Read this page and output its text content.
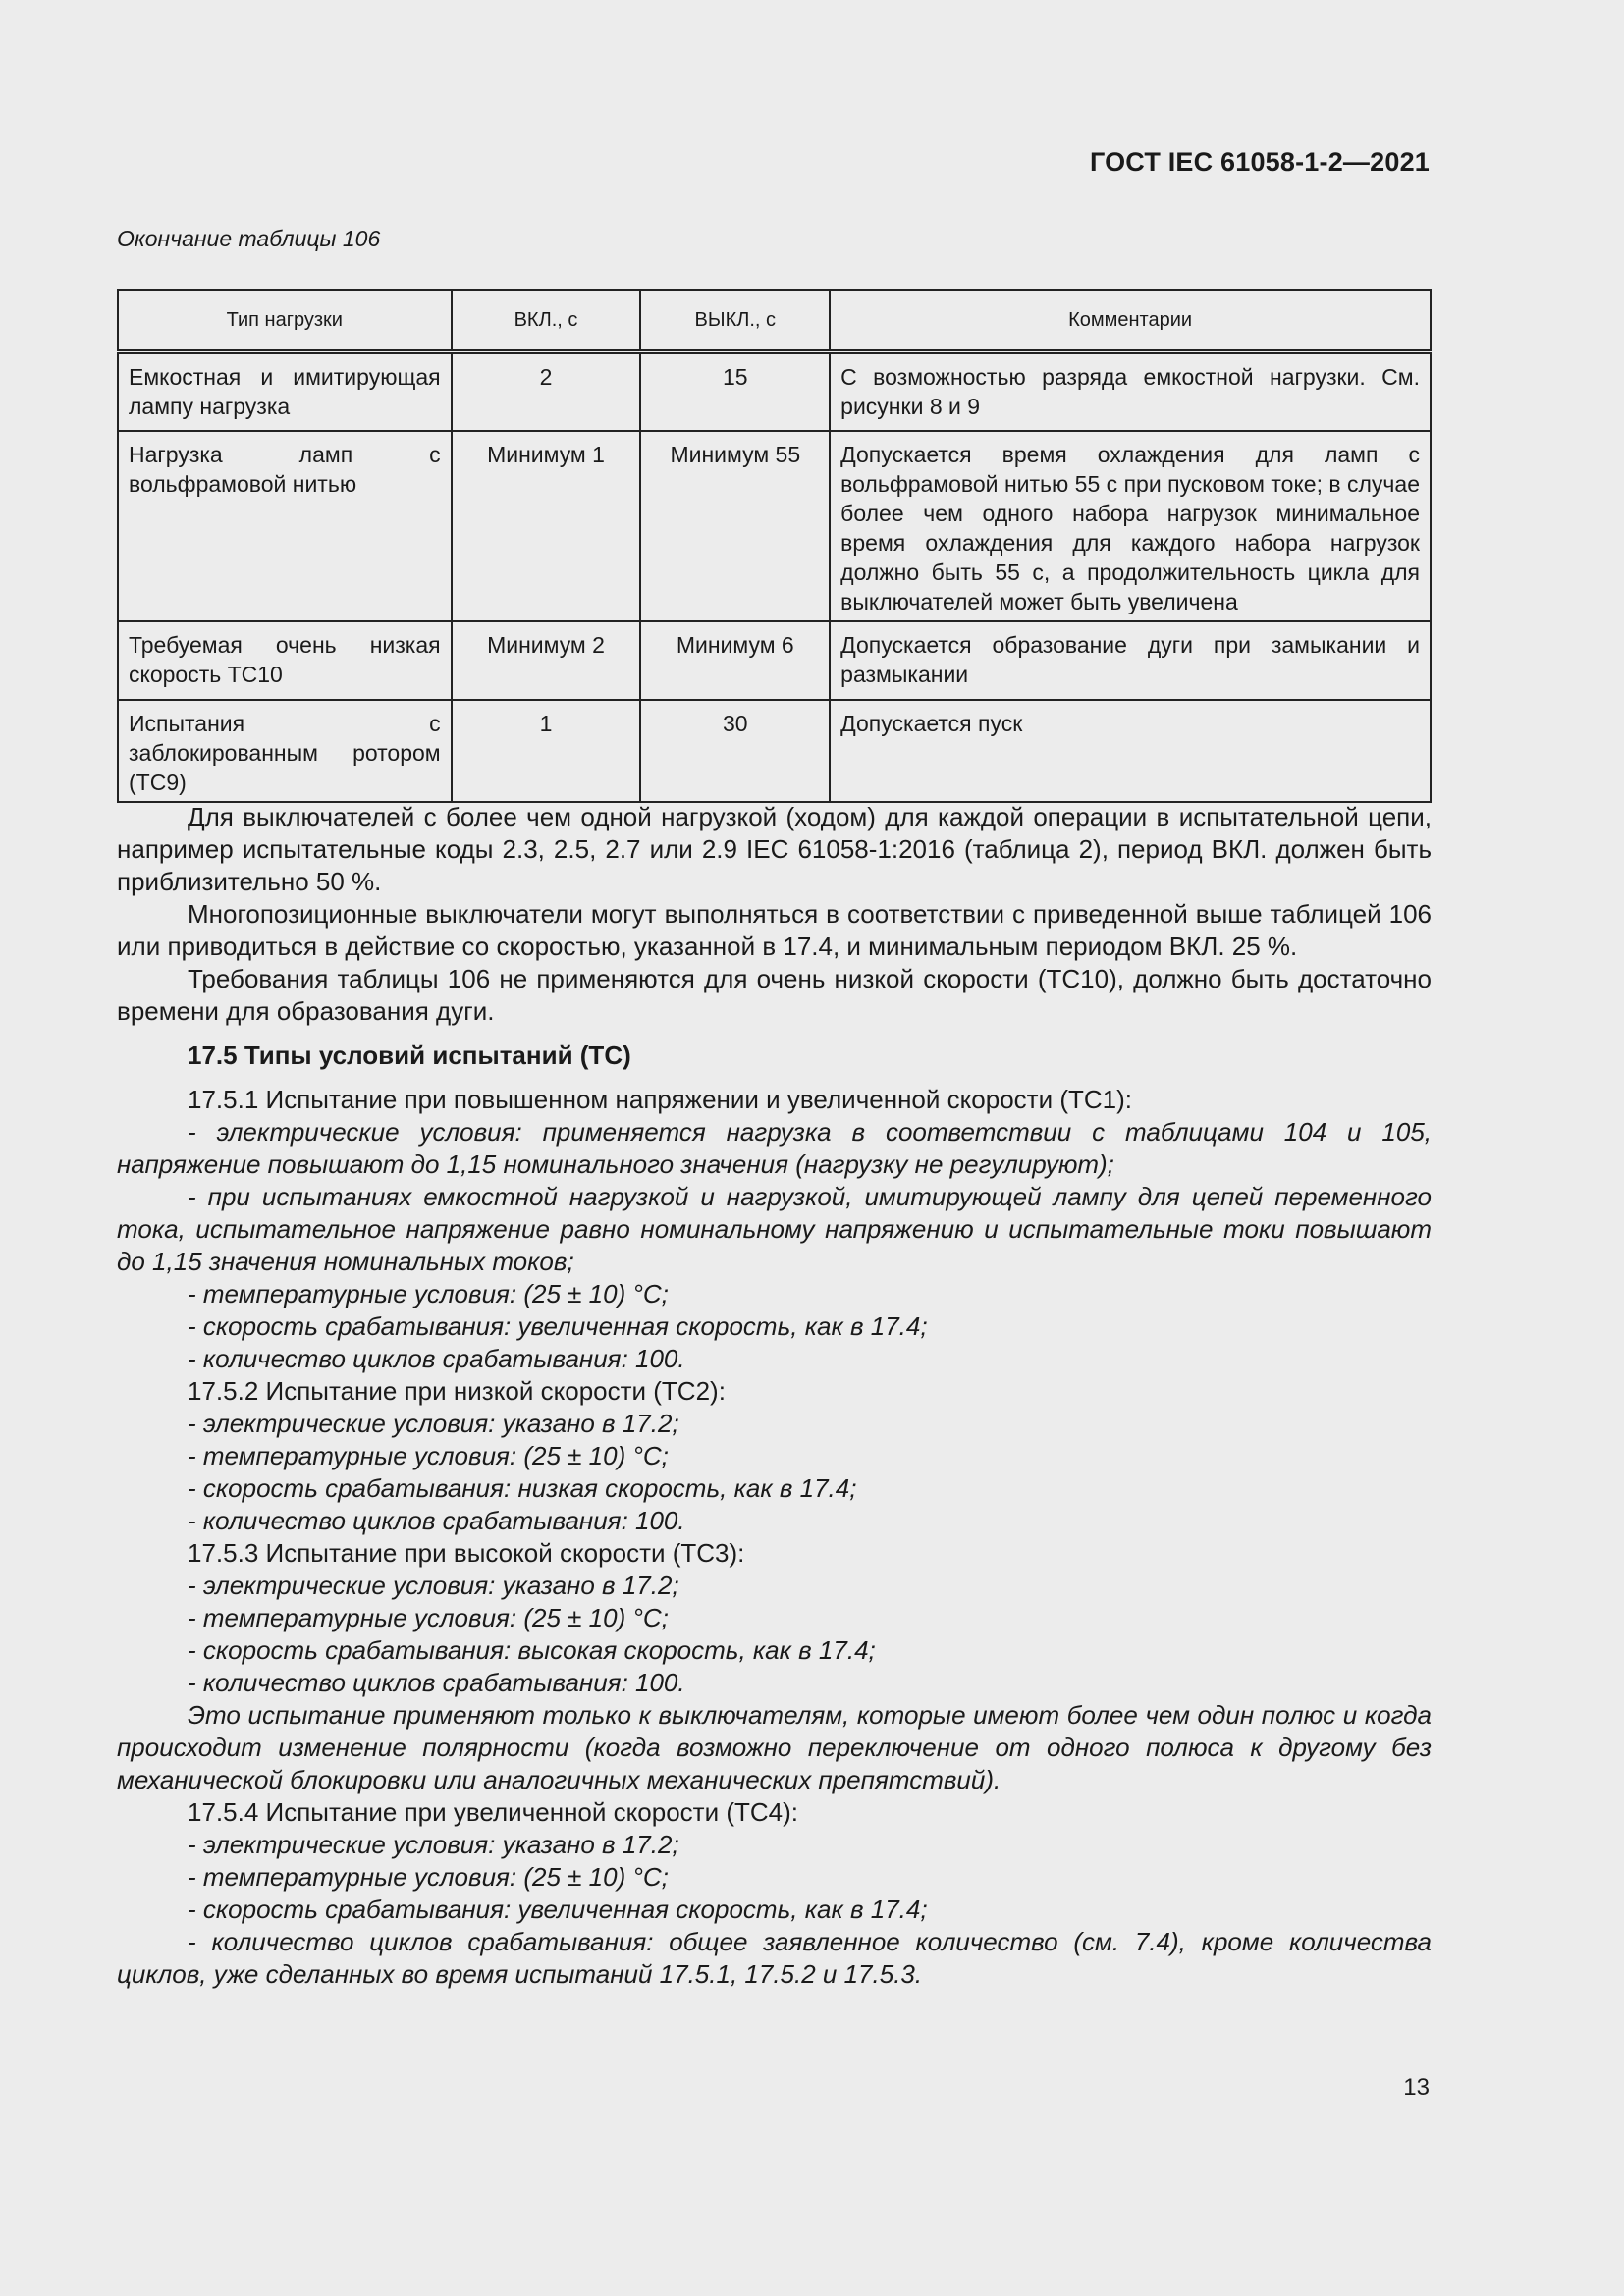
ГОСТ IEC 61058-1-2—2021
Окончание таблицы 106
Тип нагрузки	ВКЛ., с	ВЫКЛ., с	Комментарии
Емкостная и имитирующая лампу нагрузка	2	15	С возможностью разряда емкостной нагрузки. См. рисунки 8 и 9
Нагрузка ламп с вольфрамовой нитью	Минимум 1	Минимум 55	Допускается время охлаждения для ламп с вольфрамовой нитью 55 с при пусковом токе; в случае более чем одного набора нагрузок минимальное время охлаждения для каждого набора нагрузок должно быть 55 с, а продолжительность цикла для выключателей может быть увеличена
Требуемая очень низкая скорость ТС10	Минимум 2	Минимум 6	Допускается образование дуги при замыкании и размыкании
Испытания с заблокированным ротором (ТС9)	1	30	Допускается пуск

Для выключателей с более чем одной нагрузкой (ходом) для каждой операции в испытательной цепи, например испытательные коды 2.3, 2.5, 2.7 или 2.9 IEC 61058-1:2016 (таблица 2), период ВКЛ. должен быть приблизительно 50 %.

Многопозиционные выключатели могут выполняться в соответствии с приведенной выше таблицей 106 или приводиться в действие со скоростью, указанной в 17.4, и минимальным периодом ВКЛ. 25 %.

Требования таблицы 106 не применяются для очень низкой скорости (ТС10), должно быть достаточно времени для образования дуги.

17.5 Типы условий испытаний (ТС)

17.5.1 Испытание при повышенном напряжении и увеличенной скорости (ТС1):

- электрические условия: применяется нагрузка в соответствии с таблицами 104 и 105, напряжение повышают до 1,15 номинального значения (нагрузку не регулируют);

- при испытаниях емкостной нагрузкой и нагрузкой, имитирующей лампу для цепей переменного тока, испытательное напряжение равно номинальному напряжению и испытательные токи повышают до 1,15 значения номинальных токов;

- температурные условия: (25 ± 10) °С;

- скорость срабатывания: увеличенная скорость, как в 17.4;

- количество циклов срабатывания: 100.

17.5.2 Испытание при низкой скорости (ТС2):

- электрические условия: указано в 17.2;

- температурные условия: (25 ± 10) °С;

- скорость срабатывания: низкая скорость, как в 17.4;

- количество циклов срабатывания: 100.

17.5.3 Испытание при высокой скорости (ТС3):

- электрические условия: указано в 17.2;

- температурные условия: (25 ± 10) °С;

- скорость срабатывания: высокая скорость, как в 17.4;

- количество циклов срабатывания: 100.

Это испытание применяют только к выключателям, которые имеют более чем один полюс и когда происходит изменение полярности (когда возможно переключение от одного полюса к другому без механической блокировки или аналогичных механических препятствий).

17.5.4 Испытание при увеличенной скорости (ТС4):

- электрические условия: указано в 17.2;

- температурные условия: (25 ± 10) °С;

- скорость срабатывания: увеличенная скорость, как в 17.4;

- количество циклов срабатывания: общее заявленное количество (см. 7.4), кроме количества циклов, уже сделанных во время испытаний 17.5.1, 17.5.2 и 17.5.3.

13
